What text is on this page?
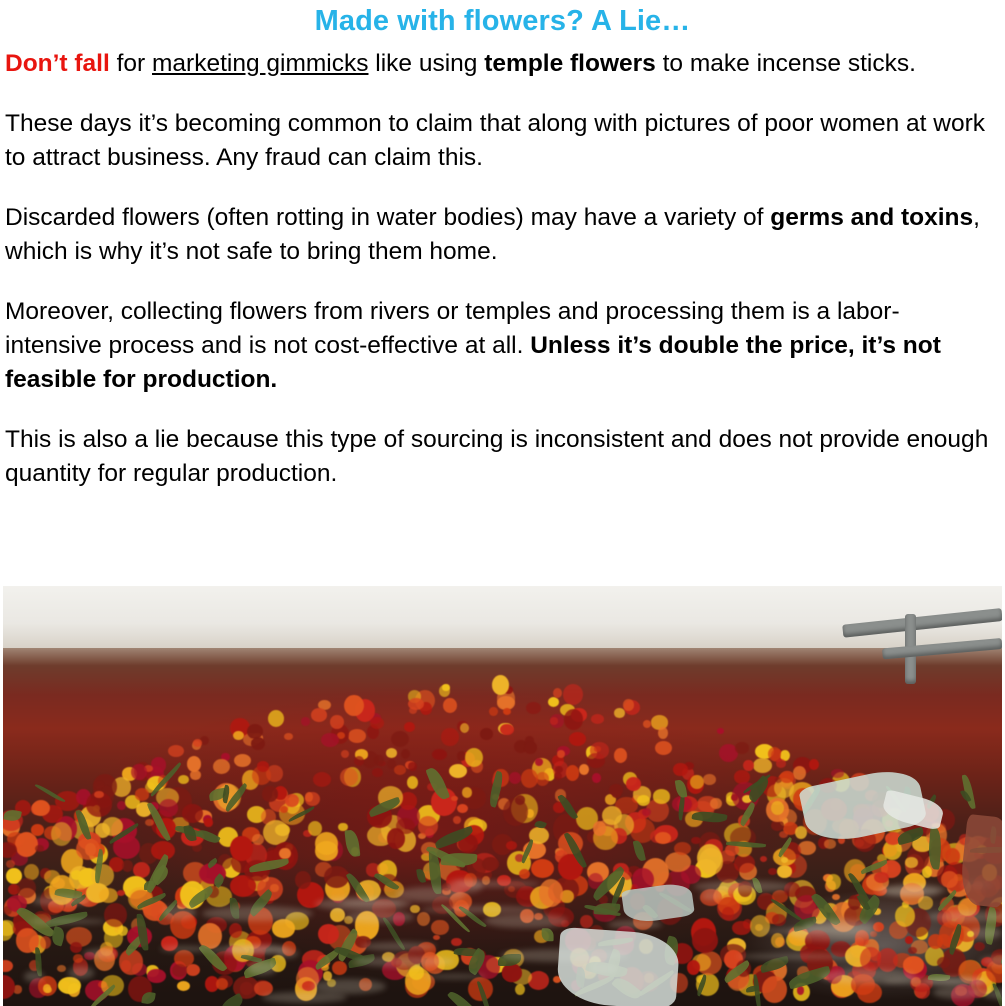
Made with flowers? A Lie…

Don’t fall for marketing gimmicks like using temple flowers to make incense sticks.

These days it’s becoming common to claim that along with pictures of poor women at work to attract business. Any fraud can claim this.

Discarded flowers (often rotting in water bodies) may have a variety of germs and toxins, which is why it’s not safe to bring them home.

Moreover, collecting flowers from rivers or temples and processing them is a labor-intensive process and is not cost-effective at all. Unless it’s double the price, it’s not feasible for production.

This is also a lie because this type of sourcing is inconsistent and does not provide enough quantity for regular production.
